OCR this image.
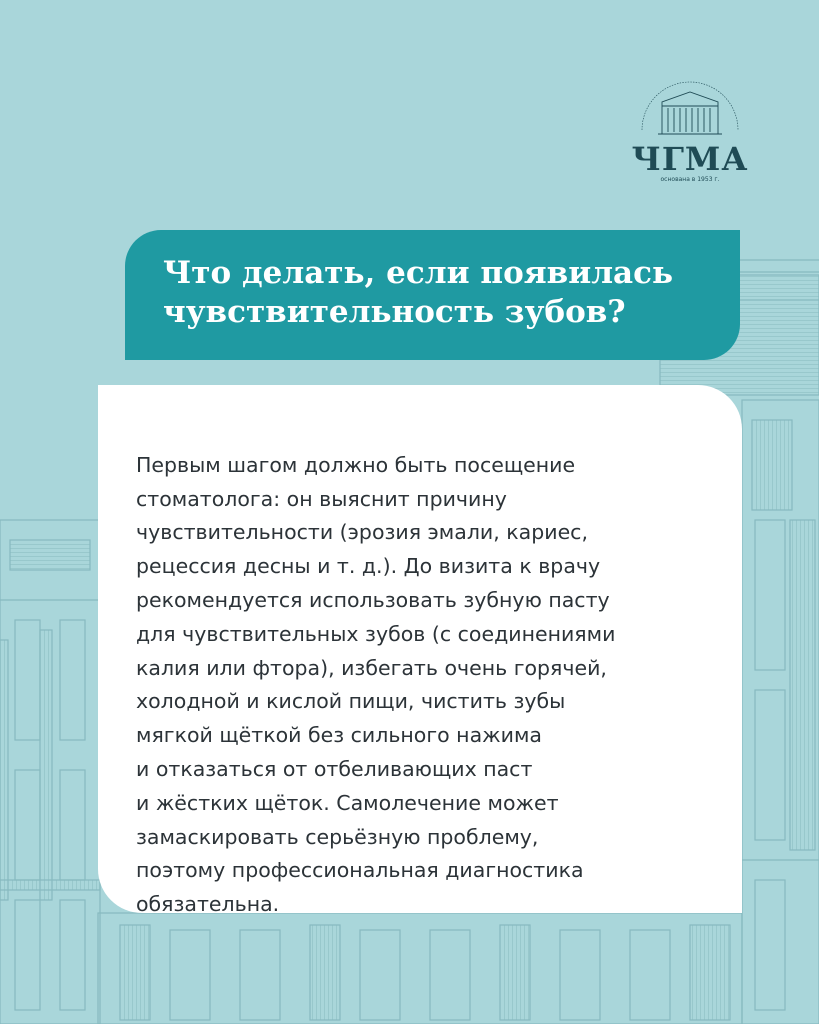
ЧГМА
основана в 1953 г.
Что делать, если появилась
чувствительность зубов?

Первым шагом должно быть посещение
стоматолога: он выяснит причину
чувствительности (эрозия эмали, кариес,
рецессия десны и т. д.). До визита к врачу
рекомендуется использовать зубную пасту
для чувствительных зубов (с соединениями
калия или фтора), избегать очень горячей,
холодной и кислой пищи, чистить зубы
мягкой щёткой без сильного нажима
и отказаться от отбеливающих паст
и жёстких щёток. Самолечение может
замаскировать серьёзную проблему,
поэтому профессиональная диагностика
обязательна.
